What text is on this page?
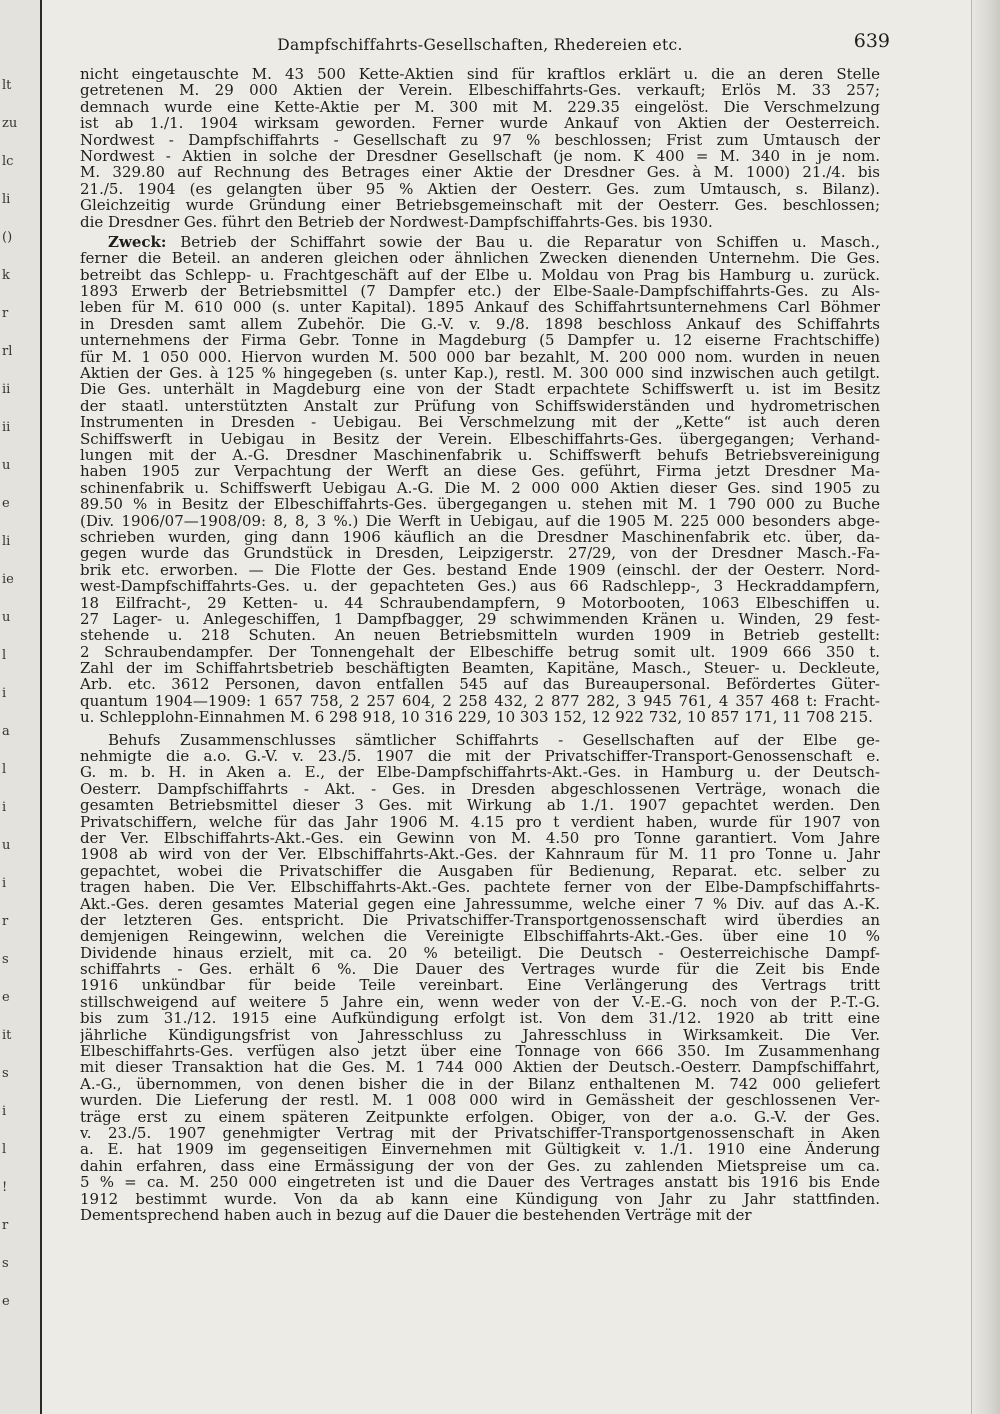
lt
zu
lc
li
()
k
r
rl
ii
ii
u
e
li
ie
u
l
i
a
l
i
u
i
r
s
e
it
s
i
l
!
r
s
e
Dampfschiffahrts-Gesellschaften, Rhedereien etc.	639
nicht eingetauschte M. 43 500 Kette-Aktien sind für kraftlos erklärt u. die an deren Stelle
getretenen M. 29 000 Aktien der Verein. Elbeschiffahrts-Ges. verkauft; Erlös M. 33 257;
demnach wurde eine Kette-Aktie per M. 300 mit M. 229.35 eingelöst. Die Verschmelzung
ist ab 1./1. 1904 wirksam geworden. Ferner wurde Ankauf von Aktien der Oesterreich.
Nordwest - Dampfschiffahrts - Gesellschaft zu 97 % beschlossen; Frist zum Umtausch der
Nordwest - Aktien in solche der Dresdner Gesellschaft (je nom. K 400 = M. 340 in je nom.
M. 329.80 auf Rechnung des Betrages einer Aktie der Dresdner Ges. à M. 1000) 21./4. bis
21./5. 1904 (es gelangten über 95 % Aktien der Oesterr. Ges. zum Umtausch, s. Bilanz).
Gleichzeitig wurde Gründung einer Betriebsgemeinschaft mit der Oesterr. Ges. beschlossen;
die Dresdner Ges. führt den Betrieb der Nordwest-Dampfschiffahrts-Ges. bis 1930.
Zweck: Betrieb der Schiffahrt sowie der Bau u. die Reparatur von Schiffen u. Masch.,
ferner die Beteil. an anderen gleichen oder ähnlichen Zwecken dienenden Unternehm. Die Ges.
betreibt das Schlepp- u. Frachtgeschäft auf der Elbe u. Moldau von Prag bis Hamburg u. zurück.
1893 Erwerb der Betriebsmittel (7 Dampfer etc.) der Elbe-Saale-Dampfschiffahrts-Ges. zu Als-
leben für M. 610 000 (s. unter Kapital). 1895 Ankauf des Schiffahrtsunternehmens Carl Böhmer
in Dresden samt allem Zubehör. Die G.-V. v. 9./8. 1898 beschloss Ankauf des Schiffahrts
unternehmens der Firma Gebr. Tonne in Magdeburg (5 Dampfer u. 12 eiserne Frachtschiffe)
für M. 1 050 000. Hiervon wurden M. 500 000 bar bezahlt, M. 200 000 nom. wurden in neuen
Aktien der Ges. à 125 % hingegeben (s. unter Kap.), restl. M. 300 000 sind inzwischen auch getilgt.
Die Ges. unterhält in Magdeburg eine von der Stadt erpachtete Schiffswerft u. ist im Besitz
der staatl. unterstützten Anstalt zur Prüfung von Schiffswiderständen und hydrometrischen
Instrumenten in Dresden - Uebigau. Bei Verschmelzung mit der „Kette“ ist auch deren
Schiffswerft in Uebigau in Besitz der Verein. Elbeschiffahrts-Ges. übergegangen; Verhand-
lungen mit der A.-G. Dresdner Maschinenfabrik u. Schiffswerft behufs Betriebsvereinigung
haben 1905 zur Verpachtung der Werft an diese Ges. geführt, Firma jetzt Dresdner Ma-
schinenfabrik u. Schiffswerft Uebigau A.-G. Die M. 2 000 000 Aktien dieser Ges. sind 1905 zu
89.50 % in Besitz der Elbeschiffahrts-Ges. übergegangen u. stehen mit M. 1 790 000 zu Buche
(Div. 1906/07—1908/09: 8, 8, 3 %.) Die Werft in Uebigau, auf die 1905 M. 225 000 besonders abge-
schrieben wurden, ging dann 1906 käuflich an die Dresdner Maschinenfabrik etc. über, da-
gegen wurde das Grundstück in Dresden, Leipzigerstr. 27/29, von der Dresdner Masch.-Fa-
brik etc. erworben. — Die Flotte der Ges. bestand Ende 1909 (einschl. der der Oesterr. Nord-
west-Dampfschiffahrts-Ges. u. der gepachteten Ges.) aus 66 Radschlepp-, 3 Heckraddampfern,
18 Eilfracht-, 29 Ketten- u. 44 Schraubendampfern, 9 Motorbooten, 1063 Elbeschiffen u.
27 Lager- u. Anlegeschiffen, 1 Dampfbagger, 29 schwimmenden Kränen u. Winden, 29 fest-
stehende u. 218 Schuten. An neuen Betriebsmitteln wurden 1909 in Betrieb gestellt:
2 Schraubendampfer. Der Tonnengehalt der Elbeschiffe betrug somit ult. 1909 666 350 t.
Zahl der im Schiffahrtsbetrieb beschäftigten Beamten, Kapitäne, Masch., Steuer- u. Deckleute,
Arb. etc. 3612 Personen, davon entfallen 545 auf das Bureaupersonal. Befördertes Güter-
quantum 1904—1909: 1 657 758, 2 257 604, 2 258 432, 2 877 282, 3 945 761, 4 357 468 t: Fracht-
u. Schlepplohn-Einnahmen M. 6 298 918, 10 316 229, 10 303 152, 12 922 732, 10 857 171, 11 708 215.
Behufs Zusammenschlusses sämtlicher Schiffahrts - Gesellschaften auf der Elbe ge-
nehmigte die a.o. G.-V. v. 23./5. 1907 die mit der Privatschiffer-Transport-Genossenschaft e.
G. m. b. H. in Aken a. E., der Elbe-Dampfschiffahrts-Akt.-Ges. in Hamburg u. der Deutsch-
Oesterr. Dampfschiffahrts - Akt. - Ges. in Dresden abgeschlossenen Verträge, wonach die
gesamten Betriebsmittel dieser 3 Ges. mit Wirkung ab 1./1. 1907 gepachtet werden. Den
Privatschiffern, welche für das Jahr 1906 M. 4.15 pro t verdient haben, wurde für 1907 von
der Ver. Elbschiffahrts-Akt.-Ges. ein Gewinn von M. 4.50 pro Tonne garantiert. Vom Jahre
1908 ab wird von der Ver. Elbschiffahrts-Akt.-Ges. der Kahnraum für M. 11 pro Tonne u. Jahr
gepachtet, wobei die Privatschiffer die Ausgaben für Bedienung, Reparat. etc. selber zu
tragen haben. Die Ver. Elbschiffahrts-Akt.-Ges. pachtete ferner von der Elbe-Dampfschiffahrts-
Akt.-Ges. deren gesamtes Material gegen eine Jahressumme, welche einer 7 % Div. auf das A.-K.
der letzteren Ges. entspricht. Die Privatschiffer-Transportgenossenschaft wird überdies an
demjenigen Reingewinn, welchen die Vereinigte Elbschiffahrts-Akt.-Ges. über eine 10 %
Dividende hinaus erzielt, mit ca. 20 % beteiligt. Die Deutsch - Oesterreichische Dampf-
schiffahrts - Ges. erhält 6 %. Die Dauer des Vertrages wurde für die Zeit bis Ende
1916 unkündbar für beide Teile vereinbart. Eine Verlängerung des Vertrags tritt
stillschweigend auf weitere 5 Jahre ein, wenn weder von der V.-E.-G. noch von der P.-T.-G.
bis zum 31./12. 1915 eine Aufkündigung erfolgt ist. Von dem 31./12. 1920 ab tritt eine
jährliche Kündigungsfrist von Jahresschluss zu Jahresschluss in Wirksamkeit. Die Ver.
Elbeschiffahrts-Ges. verfügen also jetzt über eine Tonnage von 666 350. Im Zusammenhang
mit dieser Transaktion hat die Ges. M. 1 744 000 Aktien der Deutsch.-Oesterr. Dampfschiffahrt,
A.-G., übernommen, von denen bisher die in der Bilanz enthaltenen M. 742 000 geliefert
wurden. Die Lieferung der restl. M. 1 008 000 wird in Gemässheit der geschlossenen Ver-
träge erst zu einem späteren Zeitpunkte erfolgen. Obiger, von der a.o. G.-V. der Ges.
v. 23./5. 1907 genehmigter Vertrag mit der Privatschiffer-Transportgenossenschaft in Aken
a. E. hat 1909 im gegenseitigen Einvernehmen mit Gültigkeit v. 1./1. 1910 eine Änderung
dahin erfahren, dass eine Ermässigung der von der Ges. zu zahlenden Mietspreise um ca.
5 % = ca. M. 250 000 eingetreten ist und die Dauer des Vertrages anstatt bis 1916 bis Ende
1912 bestimmt wurde. Von da ab kann eine Kündigung von Jahr zu Jahr stattfinden.
Dementsprechend haben auch in bezug auf die Dauer die bestehenden Verträge mit der
